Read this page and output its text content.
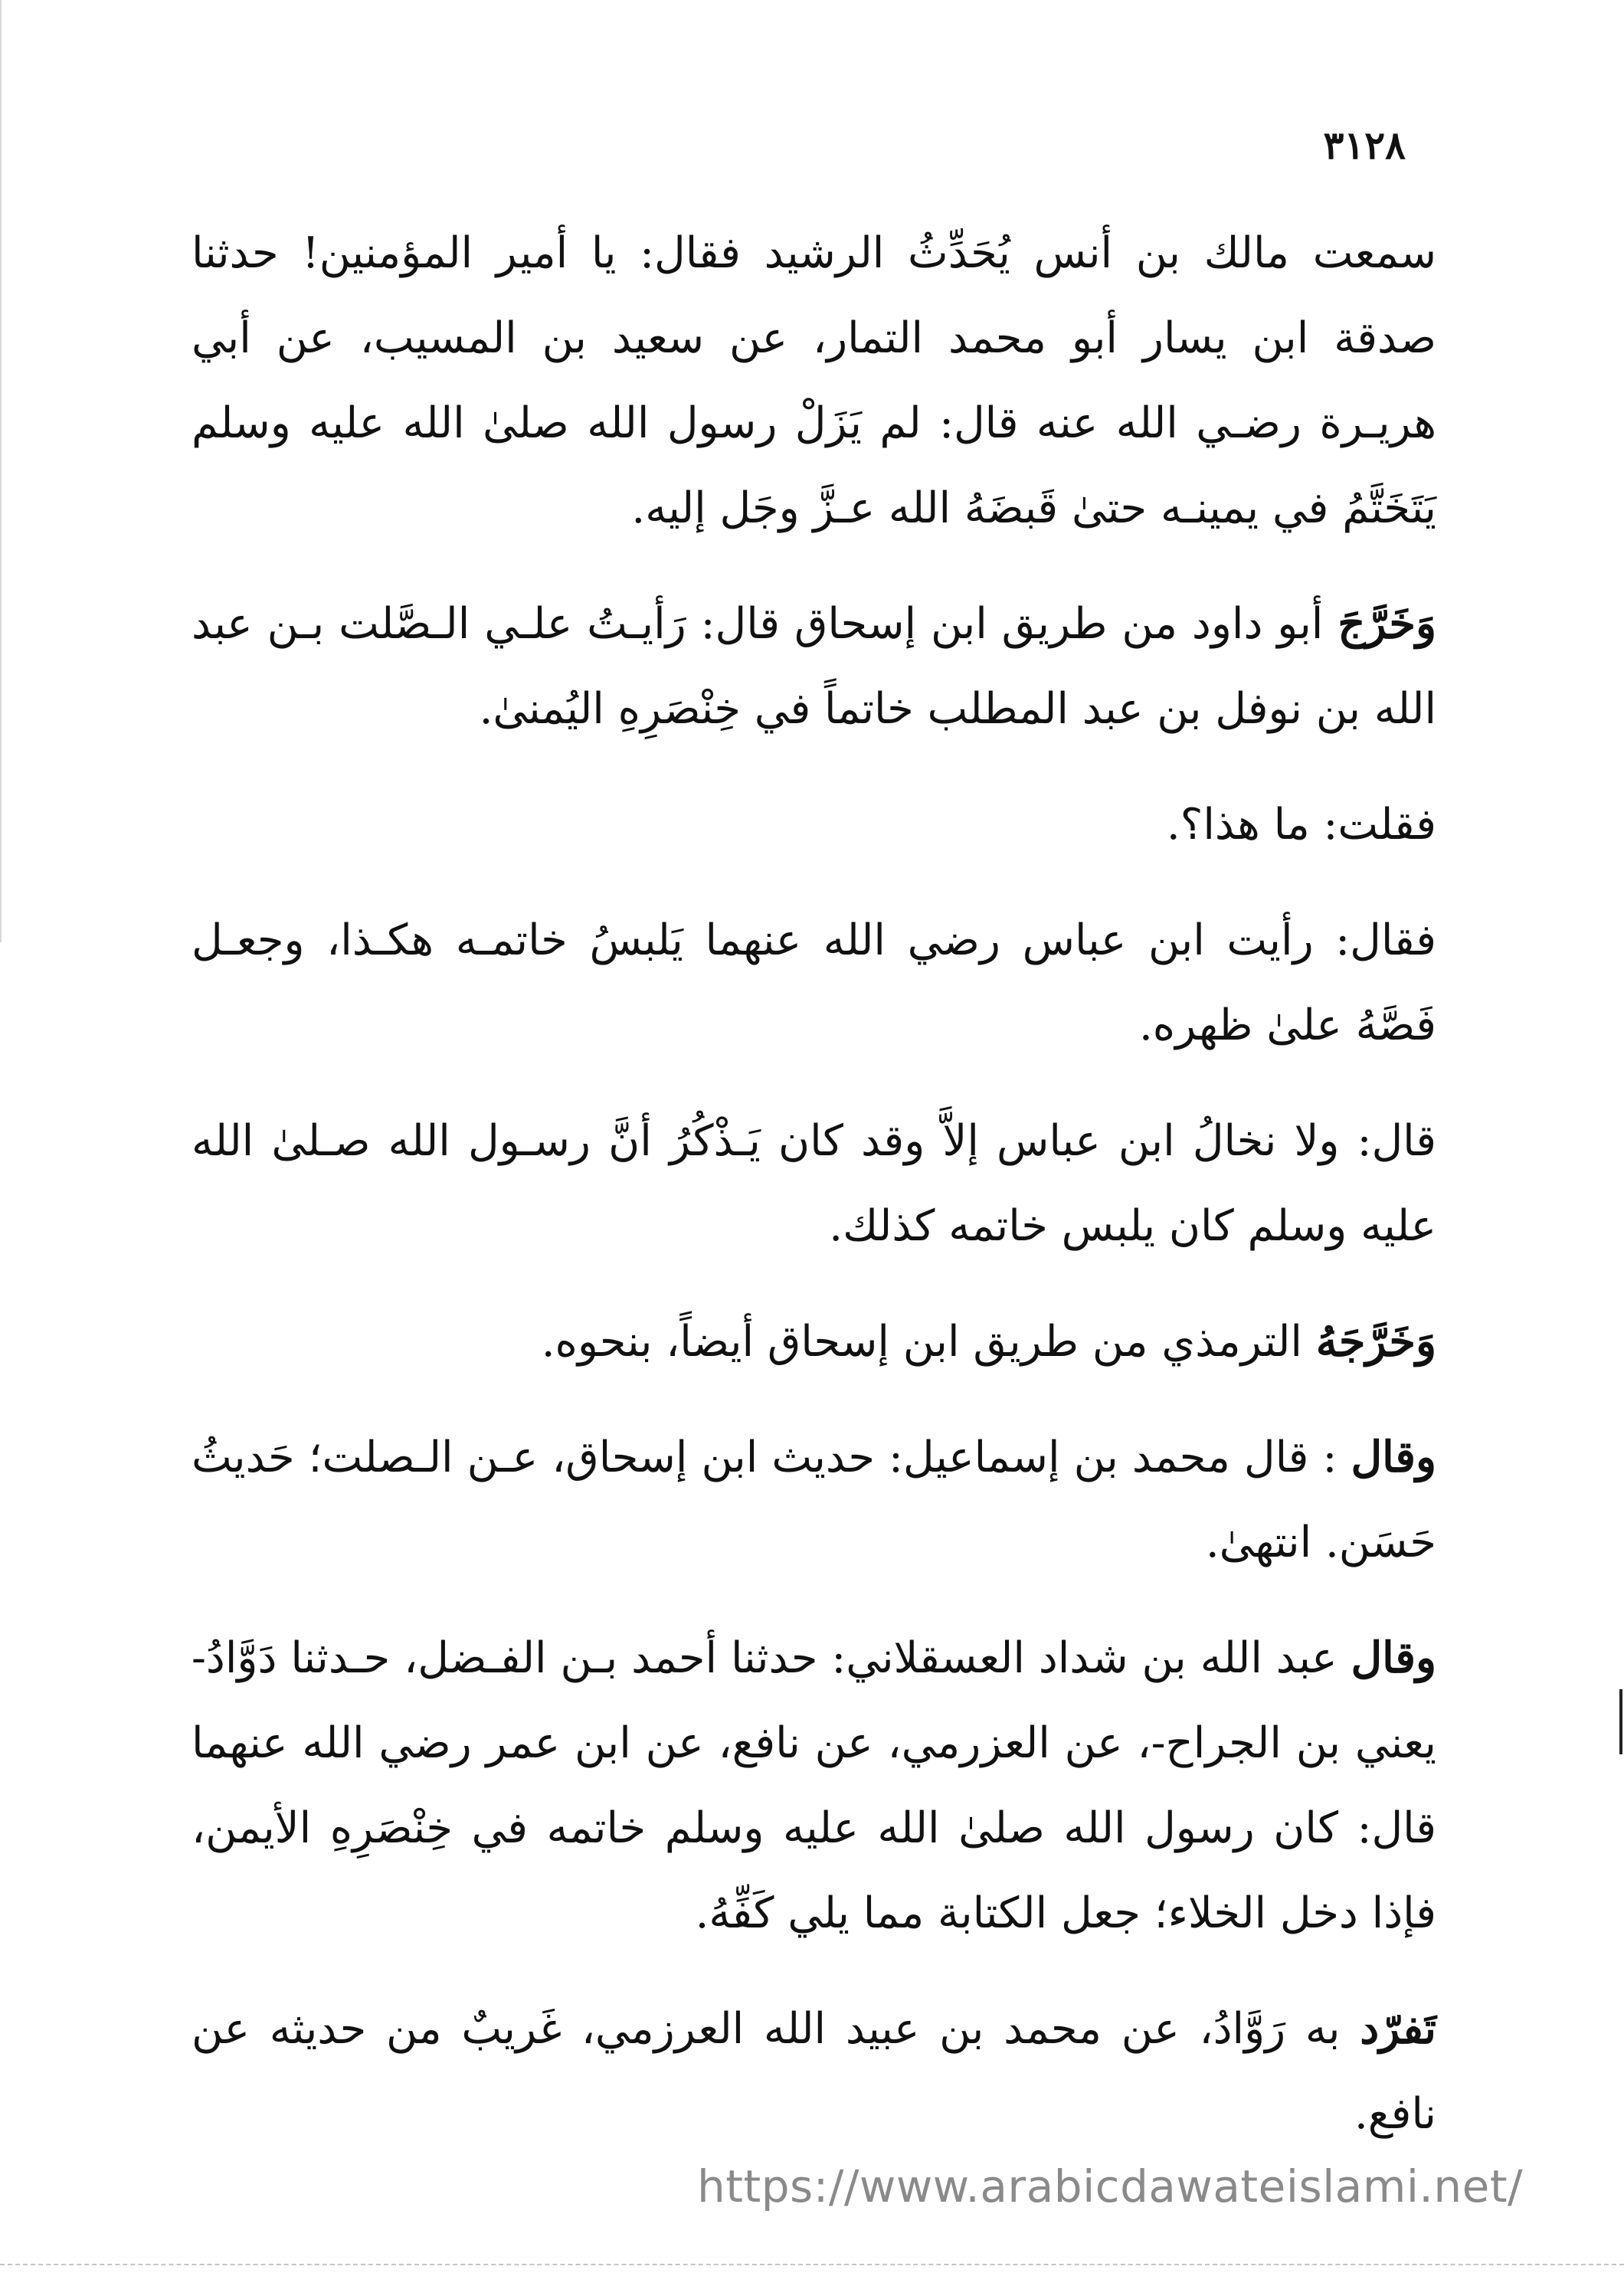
٣١٢٨

سمعت مالك بن أنس يُحَدِّثُ الرشيد فقال: يا أمير المؤمنين! حدثنا صدقة ابن يسار أبو محمد التمار، عن سعيد بن المسيب، عن أبي هريـرة رضـي الله عنه قال: لم يَزَلْ رسول الله صلىٰ الله عليه وسلم يَتَخَتَّمُ في يمينـه حتىٰ قَبضَهُ الله عـزَّ وجَل إليه.

وَخَرَّجَ أبو داود من طريق ابن إسحاق قال: رَأيـتُ علـي الـصَّلت بـن عبد الله بن نوفل بن عبد المطلب خاتماً في خِنْصَرِهِ اليُمنىٰ.

فقلت: ما هذا؟.

فقال: رأيت ابن عباس رضي الله عنهما يَلبسُ خاتمـه هكـذا، وجعـل فَصَّهُ علىٰ ظهره.

قال: ولا نخالُ ابن عباس إلاَّ وقد كان يَـذْكُرُ أنَّ رسـول الله صـلىٰ الله عليه وسلم كان يلبس خاتمه كذلك.

وَخَرَّجَهُ الترمذي من طريق ابن إسحاق أيضاً، بنحوه.

وقال : قال محمد بن إسماعيل: حديث ابن إسحاق، عـن الـصلت؛ حَديثُ حَسَن. انتهىٰ.

وقال عبد الله بن شداد العسقلاني: حدثنا أحمد بـن الفـضل، حـدثنا دَوَّادُ- يعني بن الجراح-، عن العزرمي، عن نافع، عن ابن عمر رضي الله عنهما قال: كان رسول الله صلىٰ الله عليه وسلم خاتمه في خِنْصَرِهِ الأيمن، فإذا دخل الخلاء؛ جعل الكتابة مما يلي كَفِّهُ.

تَفرّد به رَوَّادُ، عن محمد بن عبيد الله العرزمي، غَريبٌ من حديثه عن نافع.

https://www.arabicdawateislami.net/
